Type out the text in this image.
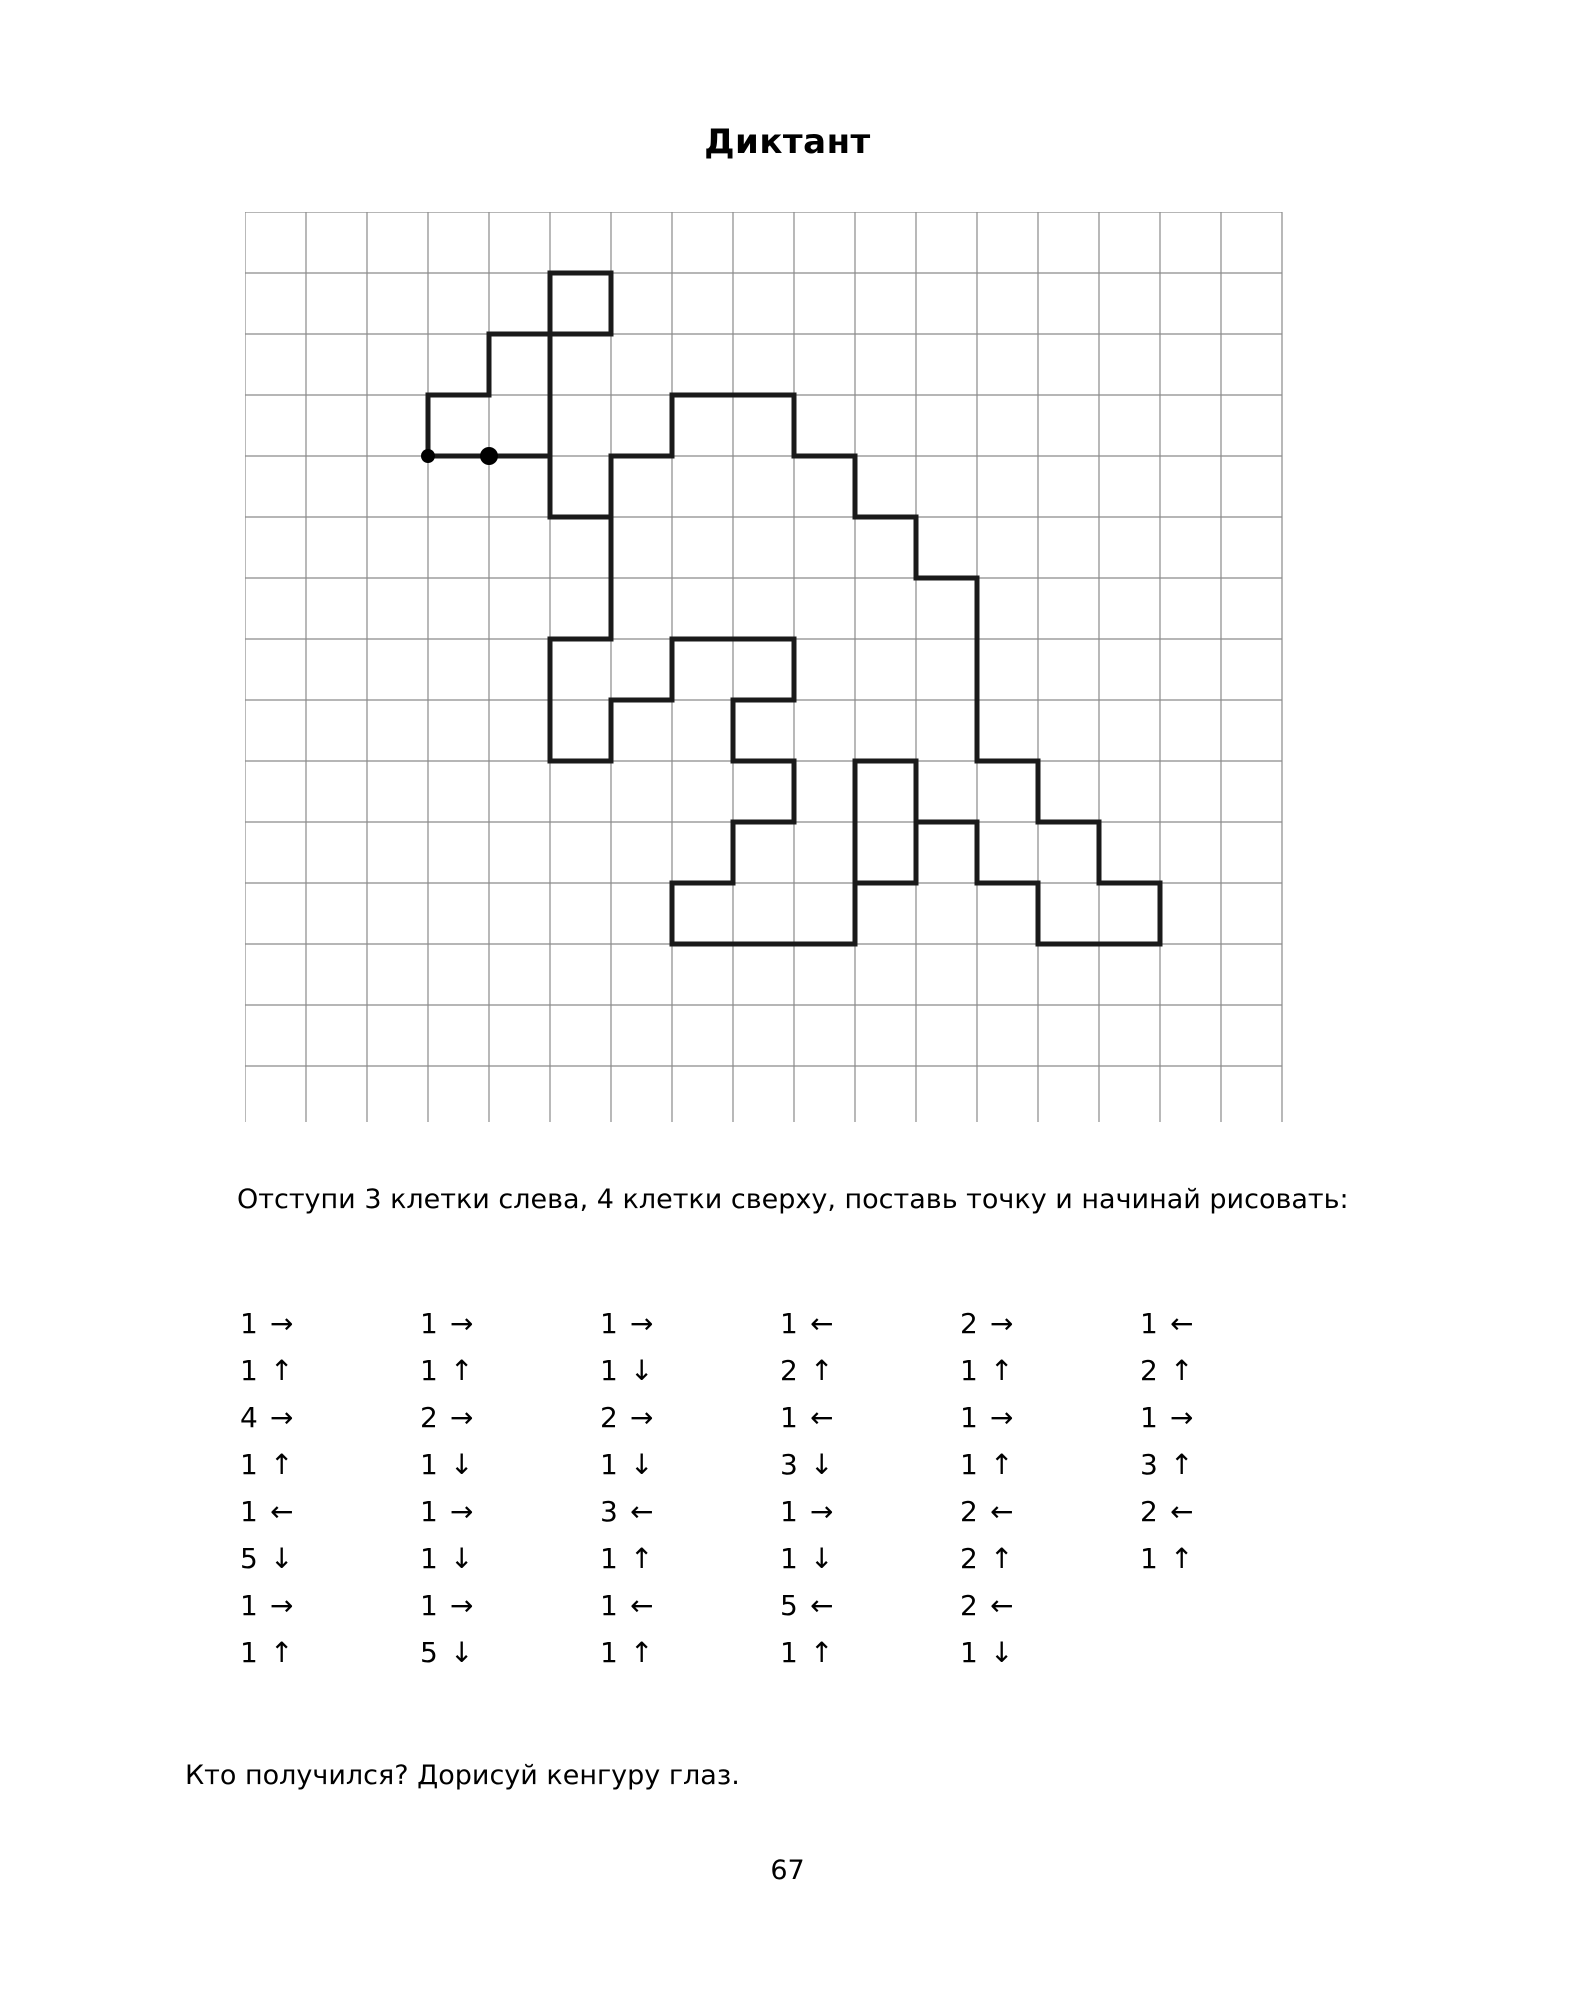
Диктант
Отступи 3 клетки слева, 4 клетки сверху, поставь точку и начинай рисовать:
1	→	1	→	1	→	1	←	2	→	1	←
1	↑	1	↑	1	↓	2	↑	1	↑	2	↑
4	→	2	→	2	→	1	←	1	→	1	→
1	↑	1	↓	1	↓	3	↓	1	↑	3	↑
1	←	1	→	3	←	1	→	2	←	2	←
5	↓	1	↓	1	↑	1	↓	2	↑	1	↑
1	→	1	→	1	←	5	←	2	←		
1	↑	5	↓	1	↑	1	↑	1	↓		
Кто получился? Дорисуй кенгуру глаз.
67
